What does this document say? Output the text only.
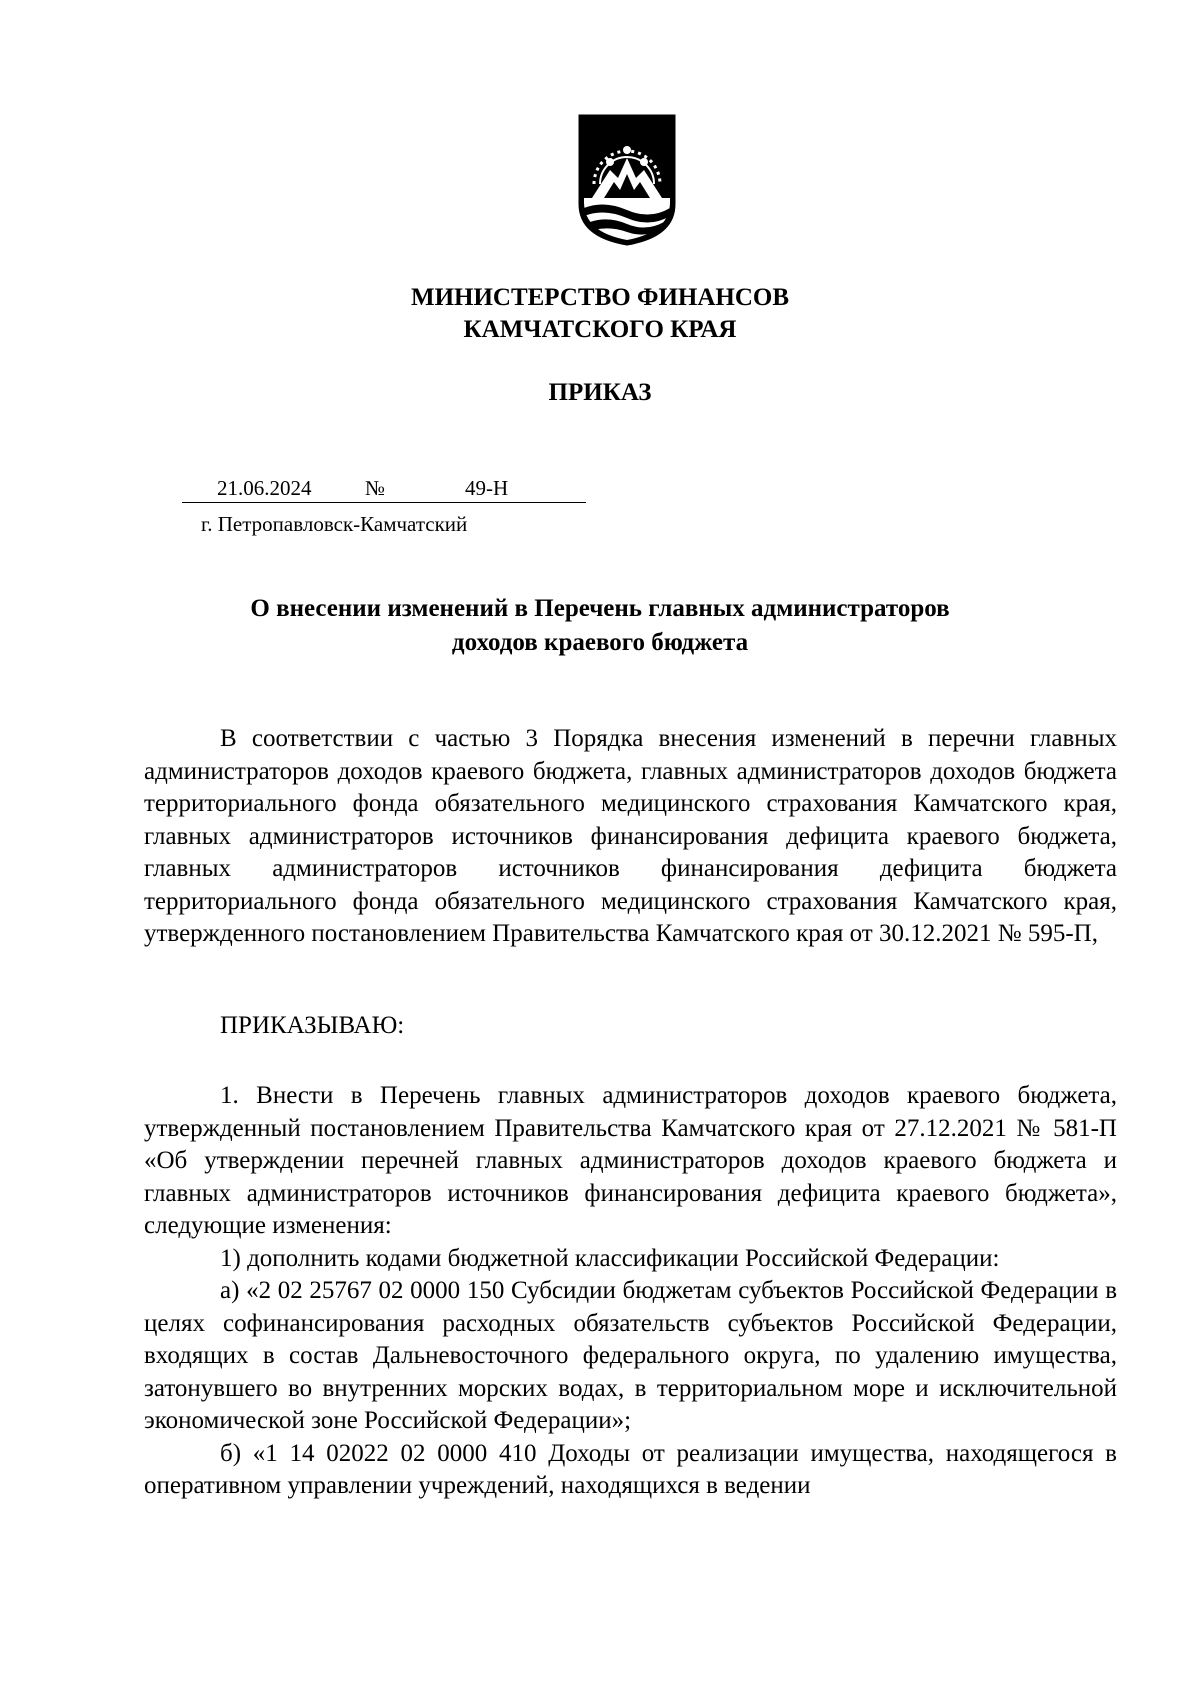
МИНИСТЕРСТВО ФИНАНСОВ
КАМЧАТСКОГО КРАЯ
ПРИКАЗ
21.06.2024	№	49-Н
г. Петропавловск-Камчатский
О внесении изменений в Перечень главных администраторов
доходов краевого бюджета

В соответствии с частью 3 Порядка внесения изменений в перечни главных администраторов доходов краевого бюджета, главных администраторов доходов бюджета территориального фонда обязательного медицинского страхования Камчатского края, главных администраторов источников финансирования дефицита краевого бюджета, главных администраторов источников финансирования дефицита бюджета территориального фонда обязательного медицинского страхования Камчатского края, утвержденного постановлением Правительства Камчатского края от 30.12.2021 № 595-П,

ПРИКАЗЫВАЮ:

1. Внести в Перечень главных администраторов доходов краевого бюджета, утвержденный постановлением Правительства Камчатского края от 27.12.2021 № 581-П «Об утверждении перечней главных администраторов доходов краевого бюджета и главных администраторов источников финансирования дефицита краевого бюджета», следующие изменения:

1) дополнить кодами бюджетной классификации Российской Федерации:

а) «2 02 25767 02 0000 150 Субсидии бюджетам субъектов Российской Федерации в целях софинансирования расходных обязательств субъектов Российской Федерации, входящих в состав Дальневосточного федерального округа, по удалению имущества, затонувшего во внутренних морских водах, в территориальном море и исключительной экономической зоне Российской Федерации»;

б) «1 14 02022 02 0000 410 Доходы от реализации имущества, находящегося в оперативном управлении учреждений, находящихся в ведении
